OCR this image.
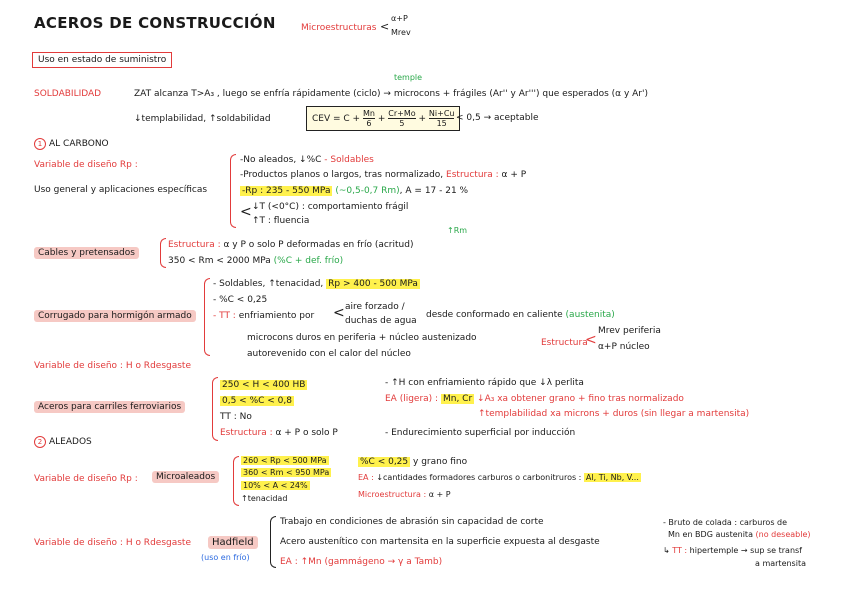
ACEROS DE CONSTRUCCIÓN	Microestructuras <
α+P
Mrev
Uso en estado de suministro
SOLDABILIDAD
temple
ZAT alcanza T>A₃ , luego se enfría rápidamente (ciclo) → microcons + frágiles (Ar'' y Ar''') que esperados (α y Ar')
↓templabilidad, ↑soldabilidad	CEV = $C + \frac{Mn}{6} + \frac{Cr+Mo}{5} + \frac{Ni+Cu}{15} < 0,5$ → aceptable
1 AL CARBONO
Variable de diseño Rp :
Uso general y aplicaciones específicas
-No aleados, ↓%C - Soldables
-Productos planos o largos, tras normalizado, Estructura : α + P
-Rp : 235 - 550 MPa (~0,5-0,7 Rm), A = 17 - 21 %
< ↓T (<0°C) : comportamiento frágil
↑T : fluencia
Cables y pretensados
↑Rm
Estructura : α y P o solo P deformadas en frío (acritud)
350 < Rm < 2000 MPa (%C + def. frío)
Corrugado para hormigón armado
- Soldables, ↑tenacidad, Rp > 400 - 500 MPa
- %C < 0,25
- TT : enfriamiento por < aire forzado /
duchas de agua
desde conformado en caliente (austenita)
microcons duros en periferia + núcleo austenizado
autorevenido con el calor del núcleo
Estructura
<
Mrev periferia
α+P núcleo
Variable de diseño : H o Rdesgaste
Aceros para carriles ferroviarios
250 < H < 400 HB
0,5 < %C < 0,8
TT : No
Estructura : α + P o solo P
- ↑H con enfriamiento rápido que ↓λ perlita
EA (ligera) : Mn, Cr ↓A₃ xa obtener grano + fino tras normalizado
↑templabilidad xa microns + duros (sin llegar a martensita)
- Endurecimiento superficial por inducción
2 ALEADOS
Variable de diseño Rp :	Microaleados
260 < Rp < 500 MPa
360 < Rm < 950 MPa
10% < A < 24%
↑tenacidad
%C < 0,25 y grano fino
EA : ↓cantidades formadores carburos o carbonitruros : Al, Ti, Nb, V...
Microestructura : α + P
Variable de diseño : H o Rdesgaste	Hadfield
(uso en frío)
Trabajo en condiciones de abrasión sin capacidad de corte
Acero austenítico con martensita en la superficie expuesta al desgaste
EA : ↑Mn (gammágeno → γ a Tamb)
- Bruto de colada : carburos de
Mn en BDG austenita (no deseable)
↳ TT : hipertemple → sup se transf
a martensita
